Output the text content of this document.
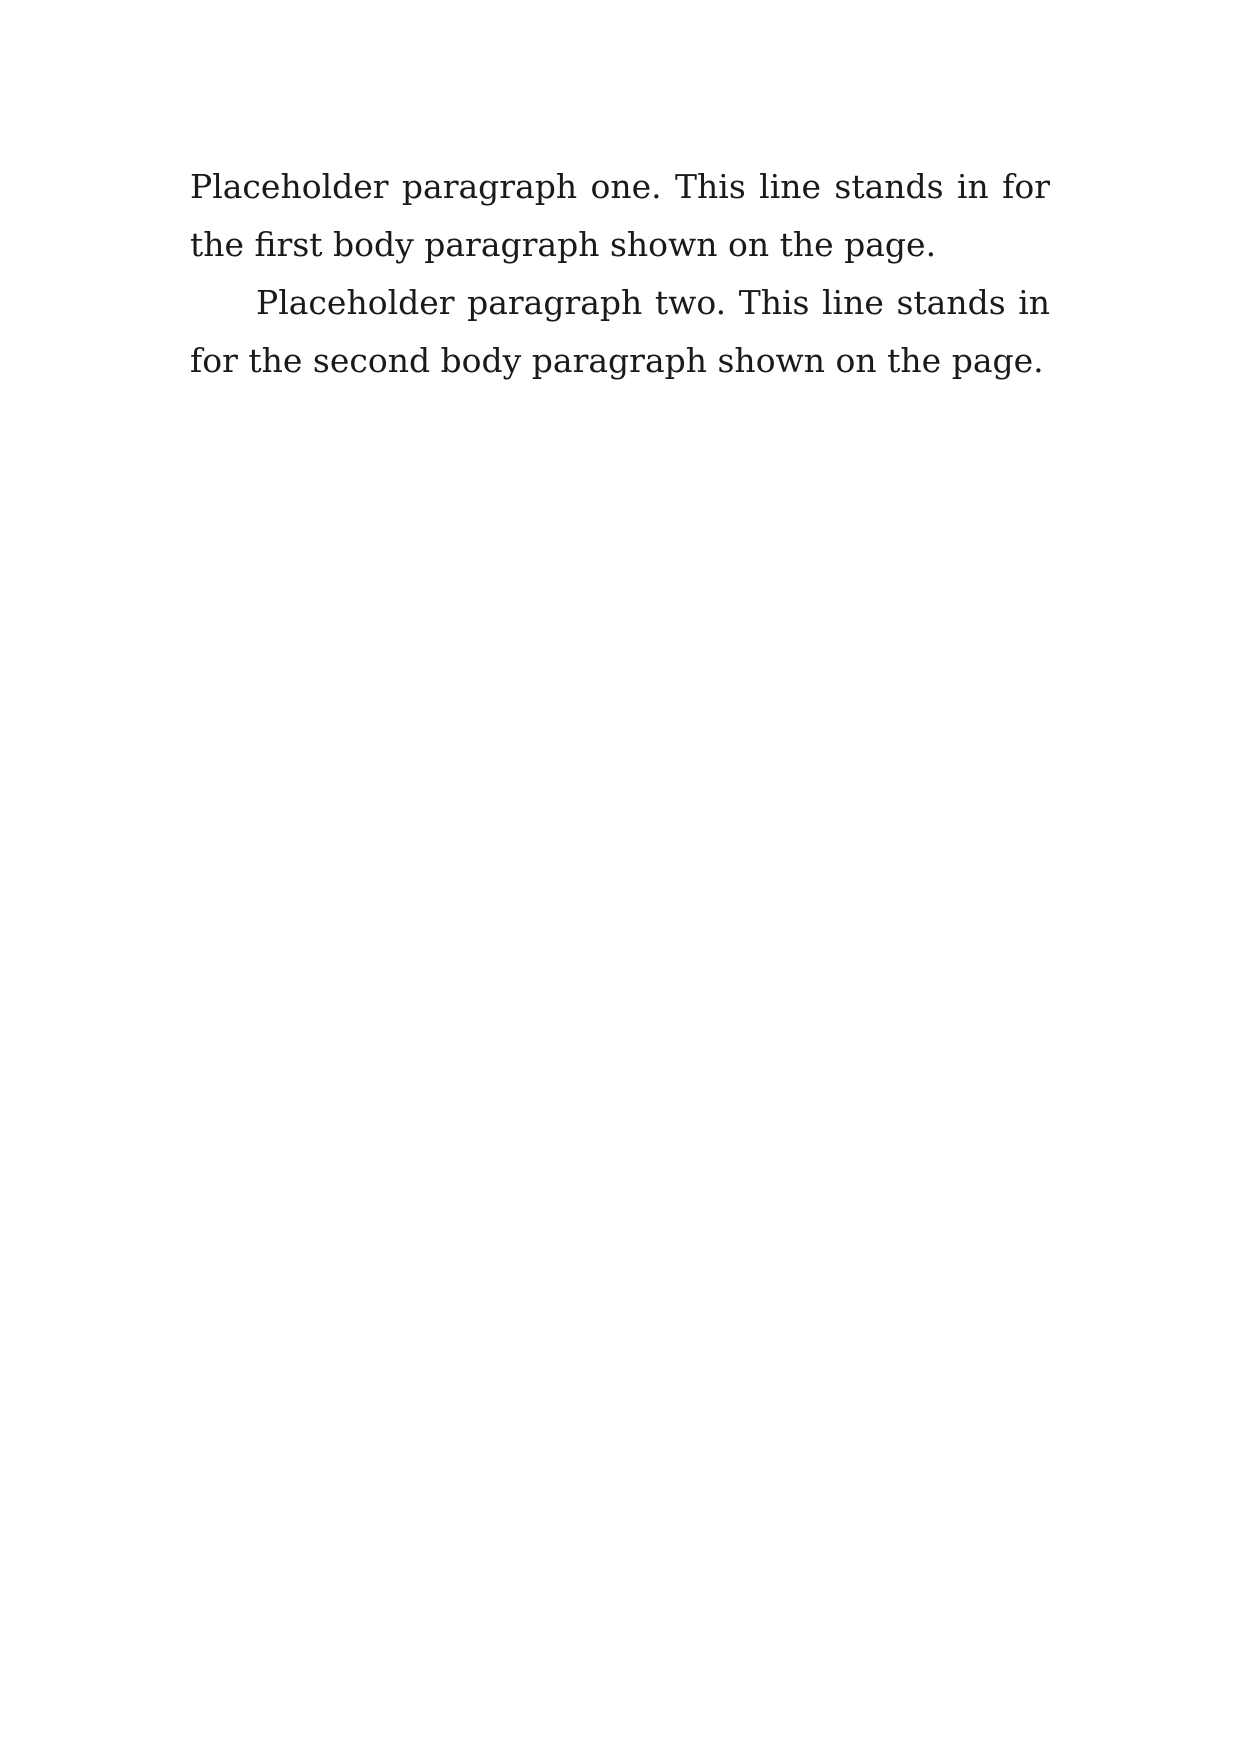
Placeholder paragraph one. This line stands in for the first body paragraph shown on the page.

Placeholder paragraph two. This line stands in for the second body paragraph shown on the page.
